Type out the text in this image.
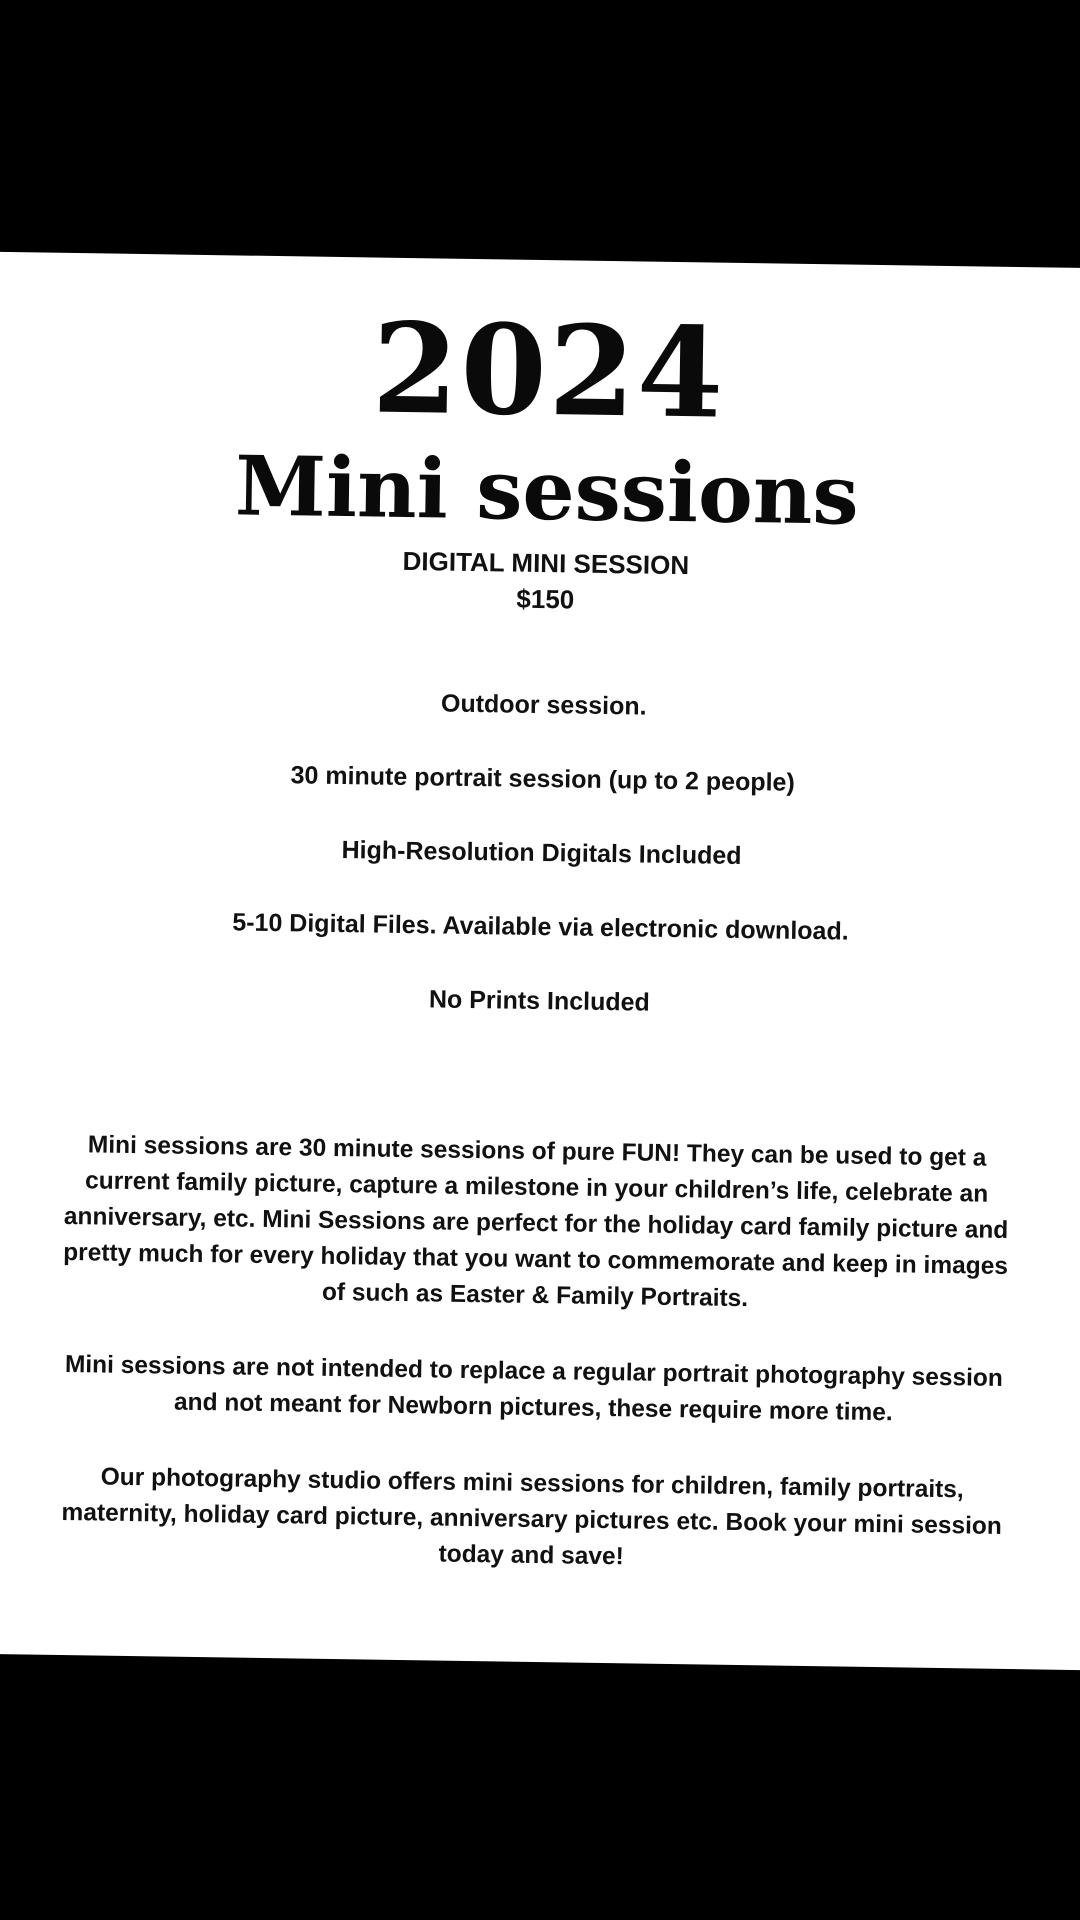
2024
Mini sessions
DIGITAL MINI SESSION
$150
Outdoor session.
30 minute portrait session (up to 2 people)
High-Resolution Digitals Included
5-10 Digital Files. Available via electronic download.
No Prints Included

Mini sessions are 30 minute sessions of pure FUN! They can be used to get a current family picture, capture a milestone in your children’s life, celebrate an anniversary, etc. Mini Sessions are perfect for the holiday card family picture and pretty much for every holiday that you want to commemorate and keep in images of such as Easter & Family Portraits.

Mini sessions are not intended to replace a regular portrait photography session and not meant for Newborn pictures, these require more time.

Our photography studio offers mini sessions for children, family portraits, maternity, holiday card picture, anniversary pictures etc. Book your mini session today and save!
